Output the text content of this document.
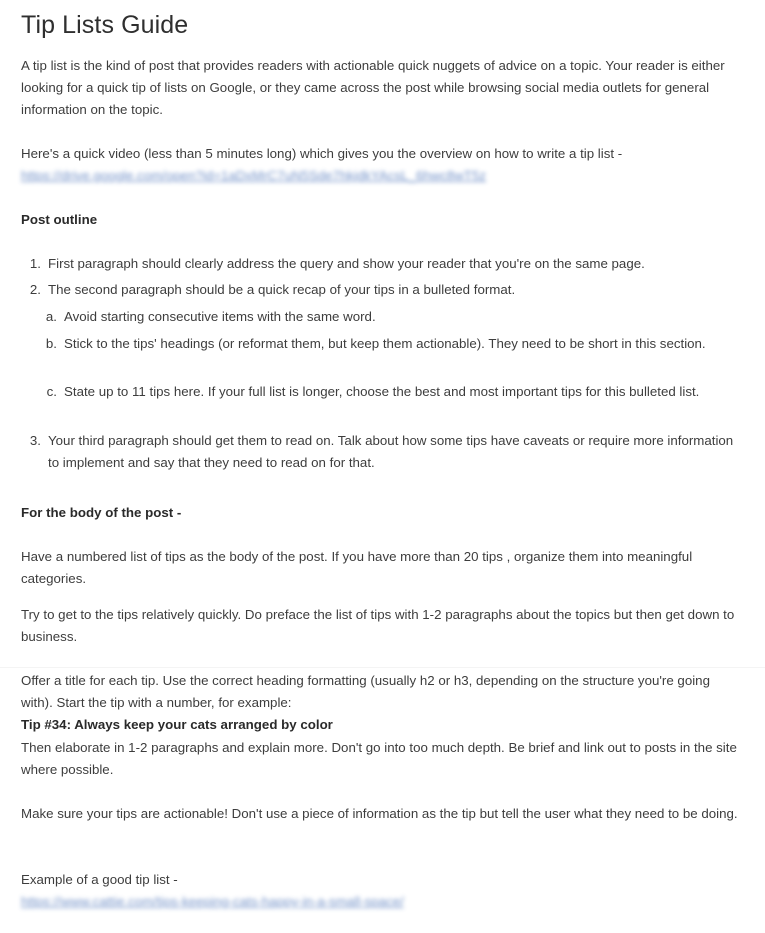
Tip Lists Guide

A tip list is the kind of post that provides readers with actionable quick nuggets of advice on a topic. Your reader is either looking for a quick tip of lists on Google, or they came across the post while browsing social media outlets for general information on the topic.

Here's a quick video (less than 5 minutes long) which gives you the overview on how to write a tip list -
https://drive.google.com/open?id=1aDxMrC7uN5Sde7hkjdkYAcsL_6hwc8wT5z

Post outline

1. First paragraph should clearly address the query and show your reader that you're on the same page.
2. The second paragraph should be a quick recap of your tips in a bulleted format.
a. Avoid starting consecutive items with the same word.
b. Stick to the tips' headings (or reformat them, but keep them actionable). They need to be short in this section.
c. State up to 11 tips here. If your full list is longer, choose the best and most important tips for this bulleted list.
3. Your third paragraph should get them to read on. Talk about how some tips have caveats or require more information to implement and say that they need to read on for that.

For the body of the post -

Have a numbered list of tips as the body of the post. If you have more than 20 tips , organize them into meaningful categories.

Try to get to the tips relatively quickly. Do preface the list of tips with 1-2 paragraphs about the topics but then get down to business.

Offer a title for each tip. Use the correct heading formatting (usually h2 or h3, depending on the structure you're going with). Start the tip with a number, for example:

Tip #34: Always keep your cats arranged by color

Then elaborate in 1-2 paragraphs and explain more. Don't go into too much depth. Be brief and link out to posts in the site where possible.

Make sure your tips are actionable! Don't use a piece of information as the tip but tell the user what they need to be doing.

Example of a good tip list -
https://www.cattie.com/tips-keeping-cats-happy-in-a-small-space/
